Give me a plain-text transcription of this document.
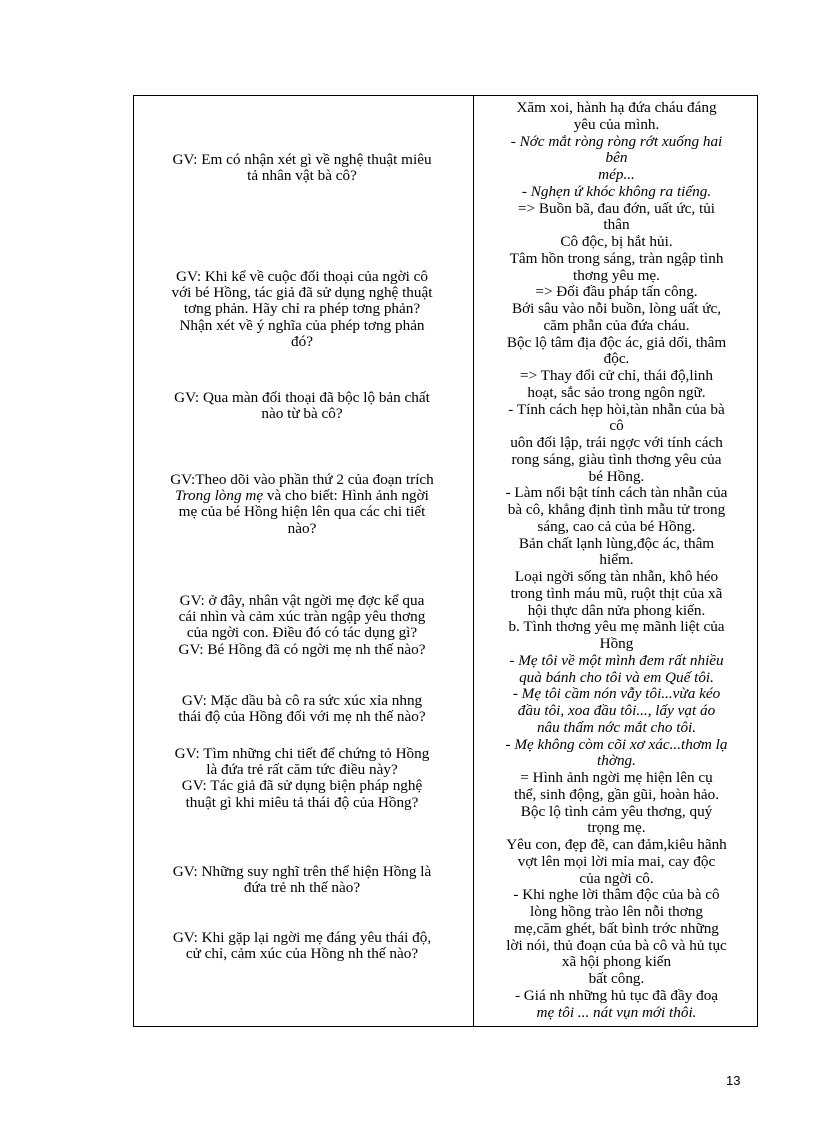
GV: Em có nhận xét gì về nghệ thuật miêu
tả nhân vật bà cô?
GV: Khi kể về cuộc đối thoại của ngời cô
với bé Hồng, tác giả đã sử dụng nghệ thuật
tơng phản. Hãy chỉ ra phép tơng phản?
Nhận xét về ý nghĩa của phép tơng phản
đó?
GV: Qua màn đối thoại đã bộc lộ bản chất
nào từ bà cô?
GV:Theo dõi vào phần thứ 2 của đoạn trích
Trong lòng mẹ và cho biết: Hình ảnh ngời
mẹ của bé Hồng hiện lên qua các chi tiết
nào?
GV: ở đây, nhân vật ngời mẹ đợc kể qua
cái nhìn và cảm xúc tràn ngập yêu thơng
của ngời con. Điều đó có tác dụng gì?
GV: Bé Hồng đã có ngời mẹ nh thế nào?
GV: Mặc dầu bà cô ra sức xúc xỉa nhng
thái độ của Hồng đối với mẹ nh thế nào?
GV: Tìm những chi tiết để chứng tỏ Hồng
là đứa trẻ rất căm tức điều này?
GV: Tác giả đã sử dụng biện pháp nghệ
thuật gì khi miêu tả thái độ của Hồng?
GV: Những suy nghĩ trên thể hiện Hồng là
đứa trẻ nh thế nào?
GV: Khi gặp lại ngời mẹ đáng yêu thái độ,
cử chỉ, cảm xúc của Hồng nh thế nào?
Xăm xoi, hành hạ đứa cháu đáng
yêu của mình.
- Nớc mắt ròng ròng rớt xuống hai
bên
mép...
- Nghẹn ứ khóc không ra tiếng.
=> Buồn bã, đau đớn, uất ức, tủi
thân
Cô độc, bị hắt hủi.
Tâm hồn trong sáng, tràn ngập tình
thơng yêu mẹ.
=> Đối đầu pháp tấn công.
Bới sâu vào nỗi buồn, lòng uất ức,
căm phẫn của đứa cháu.
Bộc lộ tâm địa độc ác, giả dối, thâm
độc.
=> Thay đổi cử chỉ, thái độ,linh
hoạt, sắc sảo trong ngôn ngữ.
- Tính cách hẹp hòi,tàn nhẫn của bà
cô
uôn đối lập, trái ngợc với tính cách
rong sáng, giàu tình thơng yêu của
bé Hồng.
- Làm nổi bật tính cách tàn nhẫn của
bà cô, khẳng định tình mẫu tử trong
sáng, cao cả của bé Hồng.
Bản chất lạnh lùng,độc ác, thâm
hiểm.
Loại ngời sống tàn nhẫn, khô héo
trong tình máu mũ, ruột thịt của xã
hội thực dân nửa phong kiến.
b. Tình thơng yêu mẹ mãnh liệt của
Hồng
- Mẹ tôi về một mình đem rất nhiều
quà bánh cho tôi và em Quế tôi.
- Mẹ tôi cầm nón vẫy tôi...vừa kéo
đầu tôi, xoa đầu tôi..., lấy vạt áo
nâu thấm nớc mắt cho tôi.
- Mẹ không còm cõi xơ xác...thơm lạ
thờng.
= Hình ảnh ngời mẹ hiện lên cụ
thể, sinh động, gần gũi, hoàn hảo.
Bộc lộ tình cảm yêu thơng, quý
trọng mẹ.
Yêu con, đẹp đẽ, can đảm,kiêu hãnh
vợt lên mọi lời mỉa mai, cay độc
của ngời cô.
- Khi nghe lời thâm độc của bà cô
lòng hồng trào lên nỗi thơng
mẹ,căm ghét, bất bình trớc những
lời nói, thủ đoạn của bà cô và hủ tục
xã hội phong kiến
bất công.
- Giá nh những hủ tục đã đầy đoạ
mẹ tôi ... nát vụn mới thôi.
13
